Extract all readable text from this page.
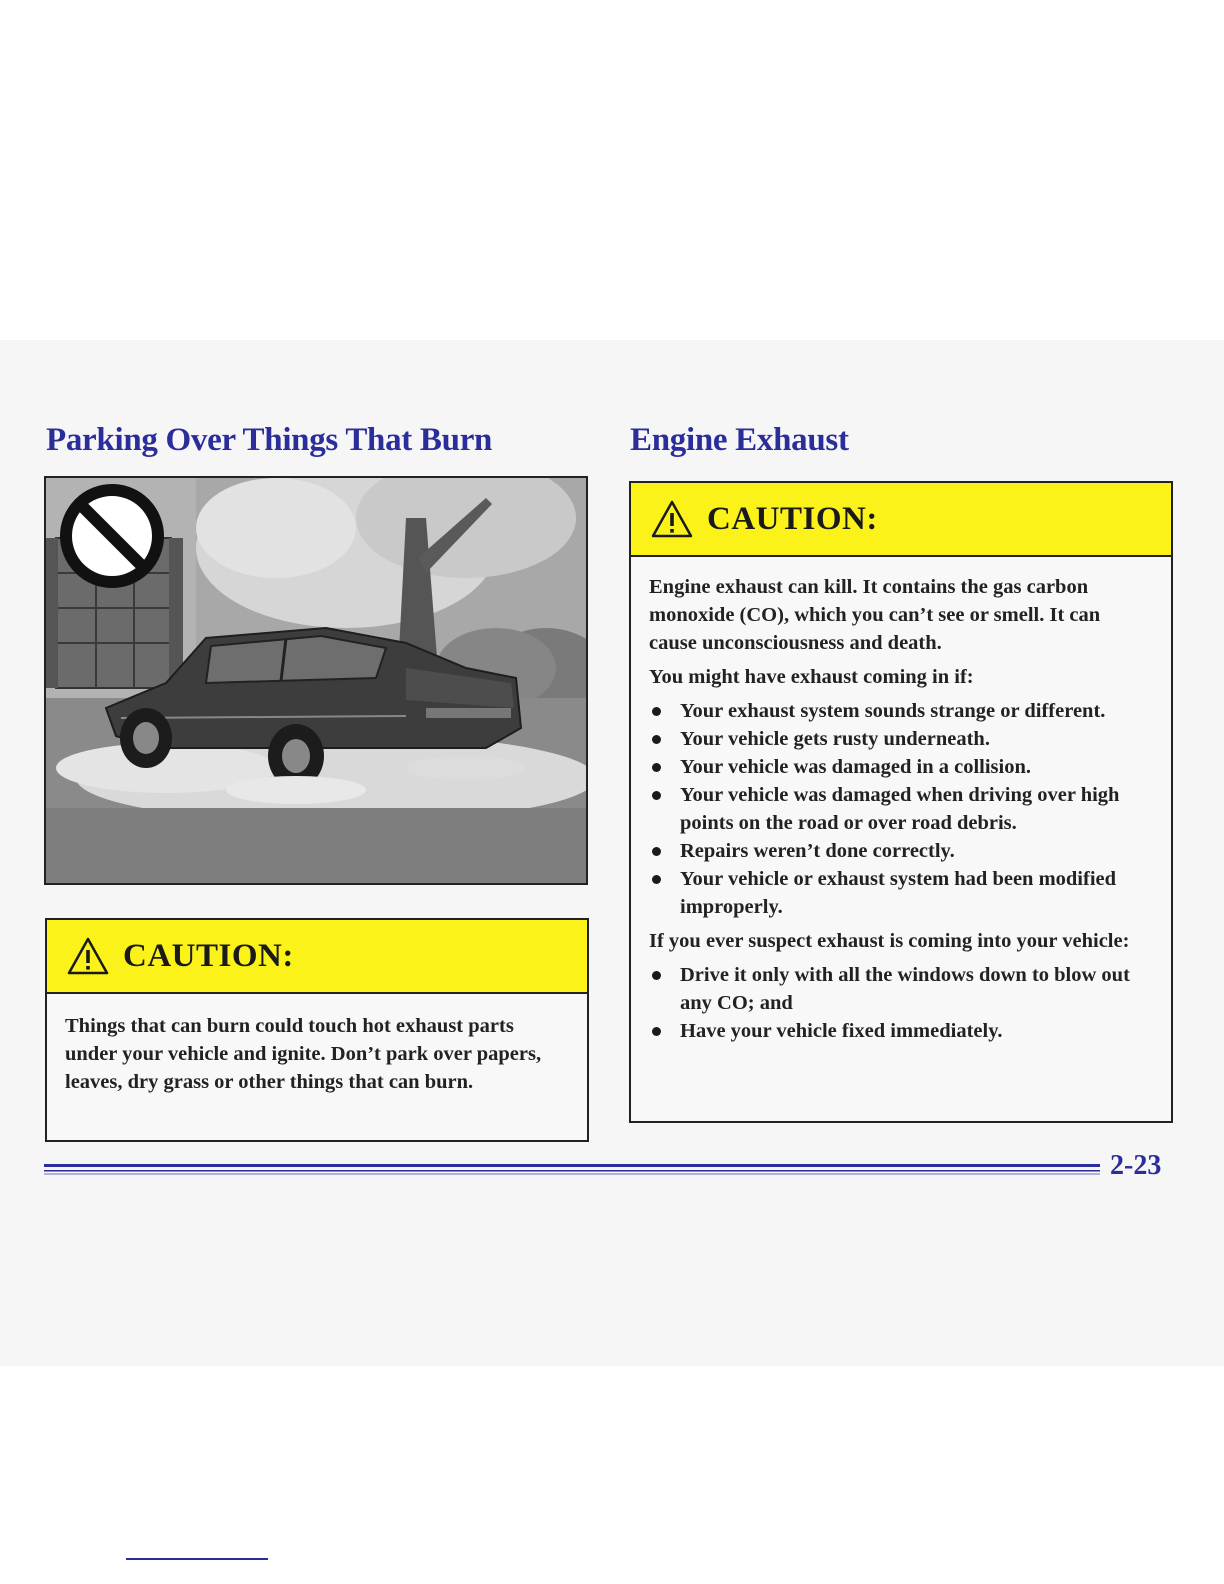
Parking Over Things That Burn	Engine Exhaust
CAUTION:

Things that can burn could touch hot exhaust parts under your vehicle and ignite. Don’t park over papers, leaves, dry grass or other things that can burn.

CAUTION:

Engine exhaust can kill. It contains the gas carbon monoxide (CO), which you can’t see or smell. It can cause unconsciousness and death.

You might have exhaust coming in if:

Your exhaust system sounds strange or different.
Your vehicle gets rusty underneath.
Your vehicle was damaged in a collision.
Your vehicle was damaged when driving over high points on the road or over road debris.
Repairs weren’t done correctly.
Your vehicle or exhaust system had been modified improperly.

If you ever suspect exhaust is coming into your vehicle:

Drive it only with all the windows down to blow out any CO; and
Have your vehicle fixed immediately.
2-23
